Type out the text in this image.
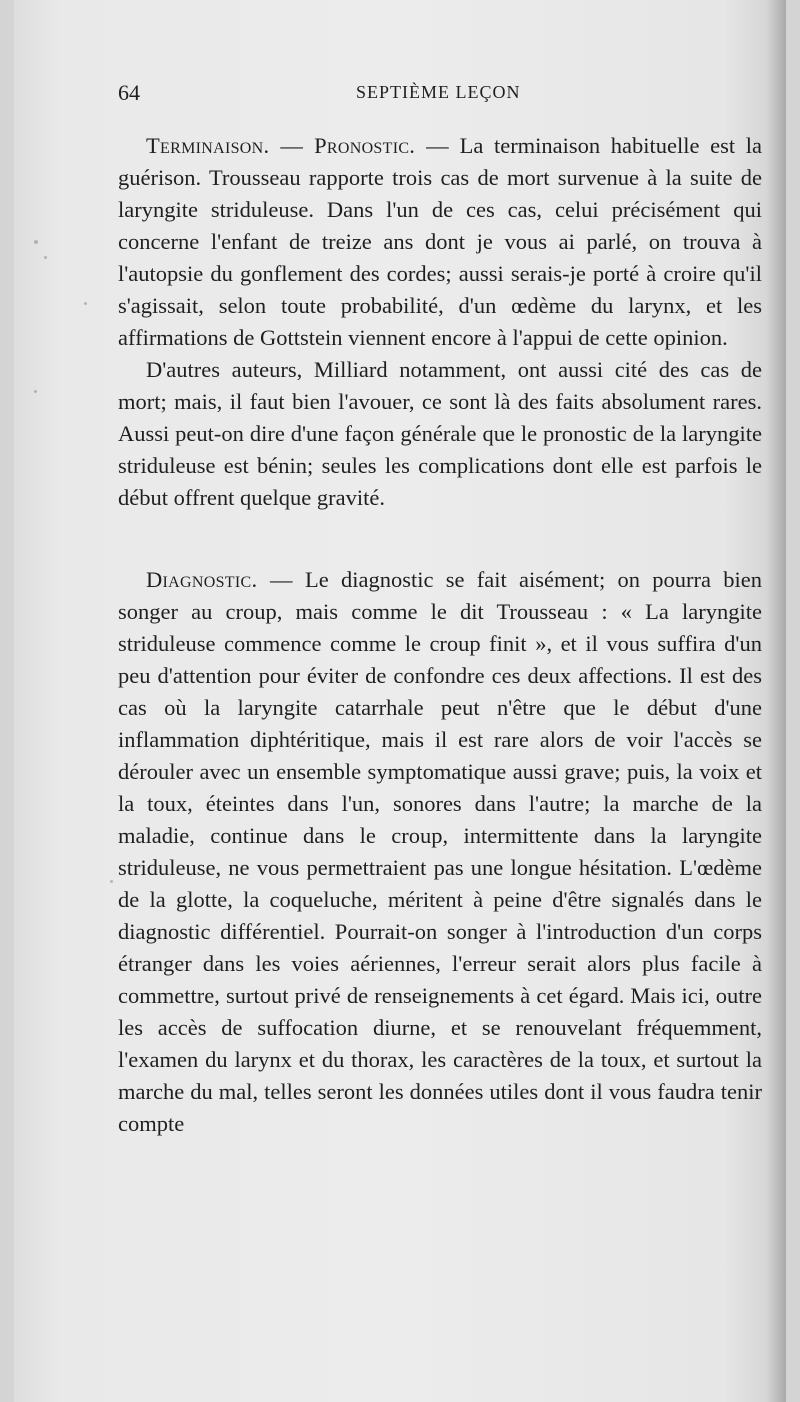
64	SEPTIÈME LEÇON

Terminaison. — Pronostic. — La terminaison habituelle est la guérison. Trousseau rapporte trois cas de mort survenue à la suite de laryngite striduleuse. Dans l'un de ces cas, celui précisément qui concerne l'enfant de treize ans dont je vous ai parlé, on trouva à l'autopsie du gonflement des cordes; aussi serais-je porté à croire qu'il s'agissait, selon toute probabilité, d'un œdème du larynx, et les affirmations de Gottstein viennent encore à l'appui de cette opinion.

D'autres auteurs, Milliard notamment, ont aussi cité des cas de mort; mais, il faut bien l'avouer, ce sont là des faits absolument rares. Aussi peut-on dire d'une façon générale que le pronostic de la laryngite striduleuse est bénin; seules les complications dont elle est parfois le début offrent quelque gravité.

Diagnostic. — Le diagnostic se fait aisément; on pourra bien songer au croup, mais comme le dit Trousseau : « La laryngite striduleuse commence comme le croup finit », et il vous suffira d'un peu d'attention pour éviter de confondre ces deux affections. Il est des cas où la laryngite catarrhale peut n'être que le début d'une inflammation diphtéritique, mais il est rare alors de voir l'accès se dérouler avec un ensemble symptomatique aussi grave; puis, la voix et la toux, éteintes dans l'un, sonores dans l'autre; la marche de la maladie, continue dans le croup, intermittente dans la laryngite striduleuse, ne vous permettraient pas une longue hésitation. L'œdème de la glotte, la coqueluche, méritent à peine d'être signalés dans le diagnostic différentiel. Pourrait-on songer à l'introduction d'un corps étranger dans les voies aériennes, l'erreur serait alors plus facile à commettre, surtout privé de renseignements à cet égard. Mais ici, outre les accès de suffocation diurne, et se renouvelant fréquemment, l'examen du larynx et du thorax, les caractères de la toux, et surtout la marche du mal, telles seront les données utiles dont il vous faudra tenir compte
